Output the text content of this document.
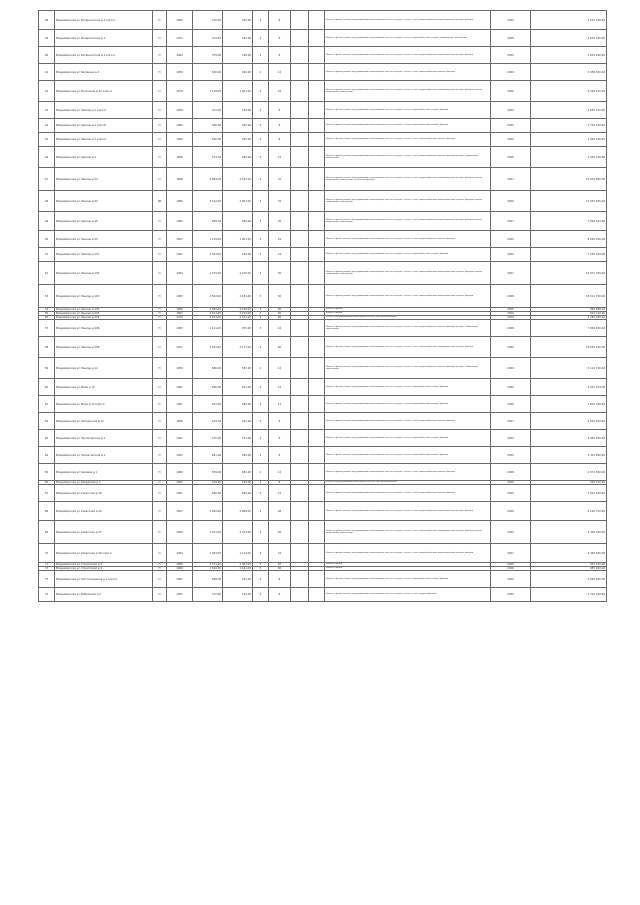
38	Владимирская ул Интернатская д 2 корп А	П	1969	410,00	345,00	2	8			Ремонт крыши; ремонт внутридомовых инженерных систем электро-, тепло-, газо-, водоснабжения, водоотведения; ремонт фасада	2030	3 541 220,40
39	Владимирская ул Интернатская д 3	П	1972	374,50	322,00	2	8			Ремонт крыши; ремонт внутридомовых инженерных систем электро-, тепло-, водоснабжения; ремонт подвальных помещений	2028	2 615 320,00
40	Владимирская ул Интернатская д 4 корп А	П	1964	379,00	328,00	2	8			Ремонт крыши; ремонт внутридомовых инженерных систем электро-, тепло-, газо-, водоснабжения, водоотведения; ремонт фасада	2030	2 853 290,40
41	Владимирская ул Калинина д 4	П	1956	540,00	492,00	2	12			Ремонт крыши; ремонт внутридомовых инженерных систем электро-, тепло-, газо-, водоснабжения; ремонт фасада	2029	3 458 300,40
42	Владимирская ул Колхозная д 12 корп А	П	1974	1 148,00	1 001,20	2	24			Ремонт крыши; ремонт внутридомовых инженерных систем электро-, тепло-, газо-, водоснабжения, водоотведения; ремонт фасада; ремонт подвальных помещений	2026	6 326 410,20
43	Владимирская ул Ленина д 1 корп А	П	1958	371,00	318,00	2	8			Ремонт крыши; ремонт внутридомовых инженерных систем электро-, тепло-, водоснабжения; ремонт фасада	2029	2 687 410,00
44	Владимирская ул Ленина д 1 корп Б	П	1960	382,00	330,00	2	8			Ремонт крыши; ремонт внутридомовых инженерных систем электро-, тепло-, водоснабжения; ремонт фасада	2030	2 702 330,40
45	Владимирская ул Ленина д 3 корп А	П	1959	460,00	397,00	2	8			Ремонт крыши; ремонт внутридомовых инженерных систем электро-, тепло-, газо-, водоснабжения; ремонт фасада	2029	2 946 160,40
46	Владимирская ул Ленина д 5	П	1958	574,00	492,00	2	12			Ремонт крыши; ремонт внутридомовых инженерных систем электро-, тепло-, газо-, водоснабжения; ремонт фасада; ремонт подвальных помещений	2028	3 935 240,80
47	Владимирская ул Ленина д 22	П	1968	2 884,00	2 547,10	5	70			Ремонт крыши; ремонт внутридомовых инженерных систем электро-, тепло-, газо-, водоснабжения, водоотведения; ремонт фасада; ремонт подвальных помещений; утепление фасада	2027	21 634 960,00
48	Владимирская ул Ленина д 43	КБ	1980	3 412,00	2 951,00	5	76			Ремонт крыши; ремонт внутридомовых инженерных систем электро-, тепло-, газо-, водоснабжения, водоотведения; ремонт фасада; ремонт подвальных помещений	2026	27 651 435,20
49	Владимирская ул Ленина д 46	П	1963	984,00	859,00	3	20			Ремонт крыши; ремонт внутридомовых инженерных систем электро-, тепло-, газо-, водоснабжения, водоотведения; ремонт фасада; ремонт подвальных помещений	2027	7 864 391,60
50	Владимирская ул Ленина д 55	П	1957	1 139,00	1 001,40	3	24			Ремонт крыши; ремонт внутридомовых инженерных систем электро-, тепло-, газо-, водоснабжения; ремонт фасада	2029	8 050 436,00
51	Владимирская ул Ленина д 157	П	1961	1 053,00	919,00	3	24			Ремонт крыши; ремонт внутридомовых инженерных систем электро-, тепло-, водоснабжения; ремонт фасада	2030	7 259 564,00
52	Владимирская ул Ленина д 159	П	1964	2 479,00	2 156,00	5	50			Ремонт крыши; ремонт внутридомовых инженерных систем электро-, тепло-, газо-, водоснабжения, водоотведения; ремонт фасада; ремонт подвальных помещений	2027	16 871 320,40
53	Владимирская ул Ленина д 163	П	1965	2 502,00	2 181,40	5	50			Ремонт крыши; ремонт внутридомовых инженерных систем электро-, тепло-, газо-, водоснабжения, водоотведения; ремонт фасада	2028	18 411 760,00
54	Владимирская ул Ленина д 203	П	1966	2 560,00	2 226,00	5	60			Ремонт крыши	2026	896 888,00
55	Владимирская ул Ленина д 205	П	1967	2 611,00	2 272,00	5	60			Ремонт крыши	2026	915 110,00
56	Владимирская ул Ленина д 205	П	1970	2 477,00	2 151,20	5	60			Ремонт внутридомовых инженерных систем электроснабжения	2029	6 281 350,40
57	Владимирская ул Ленина д 206	П	1965	1 111,00	975,00	3	24			Ремонт крыши; ремонт внутридомовых инженерных систем электро-, тепло-, газо-, водоснабжения; ремонт фасада; ремонт подвальных помещений	2028	7 862 930,40
58	Владимирская ул Ленина д 208	П	1971	2 501,00	2 177,00	5	60			Ремонт крыши; ремонт внутридомовых инженерных систем электро-, тепло-, газо-, водоснабжения, водоотведения; ремонт фасада	2030	18 655 200,00
59	Владимирская ул Ленина д 12	П	1956	686,00	597,00	2	12			Ремонт крыши; ремонт внутридомовых инженерных систем электро-, тепло-, газо-, водоснабжения; ремонт фасада; ремонт подвальных помещений	2029	5 114 700,40
60	Владимирская ул Мира д 10	П	1962	696,00	611,00	2	12			Ремонт крыши; ремонт внутридомовых инженерных систем электро-, тепло-, водоснабжения; ремонт фасада	2030	4 931 524,00
61	Владимирская ул Мира д 14 корп А	П	1967	672,00	580,00	2	12			Ремонт крыши; ремонт внутридомовых инженерных систем электро-, тепло-, водоснабжения; ремонт фасада	2028	4 801 350,40
62	Владимирская ул Пионерская д 12	П	1958	504,00	431,00	2	8			Ремонт крыши; ремонт внутридомовых инженерных систем электро-, тепло-, газо-, водоснабжения; ремонт фасада	2027	3 632 970,40
63	Владимирская ул Пролетарская д 2	П	1961	475,00	411,00	2	8			Ремонт крыши; ремонт внутридомовых инженерных систем электро-, тепло-, водоснабжения; ремонт фасада	2029	3 493 650,40
64	Владимирская ул Пролетарская д 4	П	1963	461,00	395,00	2	8			Ремонт крыши; ремонт внутридомовых инженерных систем электро-, тепло-, водоснабжения; ремонт фасада	2030	3 412 890,40
65	Владимирская ул Садовая д 1	П	1960	559,00	481,00	2	12			Ремонт крыши; ремонт внутридомовых инженерных систем электро-, тепло-, газо-, водоснабжения; ремонт фасада	2028	4 071 300,00
66	Владимирская ул Свердлова д 5	П	1962	479,00	418,00	2	8			Ремонт внутридомовых инженерных систем электроснабжения	2026	450 010,00
67	Владимирская ул Советская д 18	П	1961	690,00	600,00	2	12			Ремонт крыши; ремонт внутридомовых инженерных систем электро-, тепло-, газо-, водоснабжения; ремонт фасада	2029	5 021 420,40
68	Владимирская ул Советская д 29	П	1957	2 400,00	2 086,00	4	48			Ремонт крыши; ремонт внутридомовых инженерных систем электро-, тепло-, газо-, водоснабжения, водоотведения; ремонт фасада	2026	9 146 370,40
69	Владимирская ул Советская д 37	П	1959	2 551,00	2 223,00	4	50			Ремонт крыши; ремонт внутридомовых инженерных систем электро-, тепло-, газо-, водоснабжения, водоотведения; ремонт фасада; ремонт подвальных помещений	2030	9 300 250,00
70	Владимирская ул Советская д 39 корп А	П	1964	1 283,00	1 113,00	3	24			Ремонт крыши; ремонт внутридомовых инженерных систем электро-, тепло-, газо-, водоснабжения, водоотведения; ремонт фасада	2027	9 340 590,00
71	Владимирская ул Строителей д 2	П	1968	2 731,00	2 367,00	5	60			Ремонт крыши	2026	957 210,00
72	Владимирская ул Строителей д 4	П	1969	2 816,00	2 441,00	5	60			Ремонт крыши	2026	987 240,00
73	Владимирская ул Текстильщиков д 1 корп А	П	1963	489,00	421,00	2	8			Ремонт крыши; ремонт внутридомовых инженерных систем электро-, тепло-, водоснабжения; ремонт фасада	2029	3 546 920,00
74	Владимирская ул Фабричная д 2	П	1955	372,00	319,00	2	8			Ремонт крыши; ремонт внутридомовых инженерных систем электро-, тепло-, газо-, водоснабжения	2030	2 701 300,40
